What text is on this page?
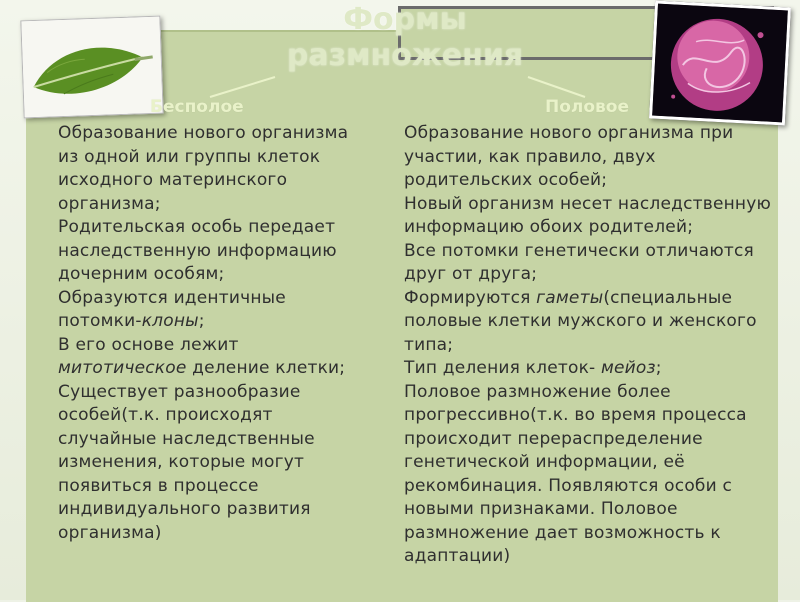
Формы
размножения
Бесполое	Половое
Образование нового организма из одной или группы клеток исходного материнского организма;
Родительская особь передает наследственную информацию дочерним особям;
Образуются идентичные потомки-клоны;
В его основе лежит митотическое деление клетки;
Существует разнообразие особей(т.к. происходят случайные наследственные изменения, которые могут появиться в процессе индивидуального развития организма)
Образование нового организма при участии, как правило, двух родительских особей;
Новый организм несет наследственную информацию обоих родителей;
Все потомки генетически отличаются друг от друга;
Формируются гаметы(специальные половые клетки мужского и женского типа;
Тип деления клеток- мейоз;
Половое размножение более прогрессивно(т.к. во время процесса происходит перераспределение генетической информации, её рекомбинация. Появляются особи с новыми признаками. Половое размножение дает возможность к адаптации)
